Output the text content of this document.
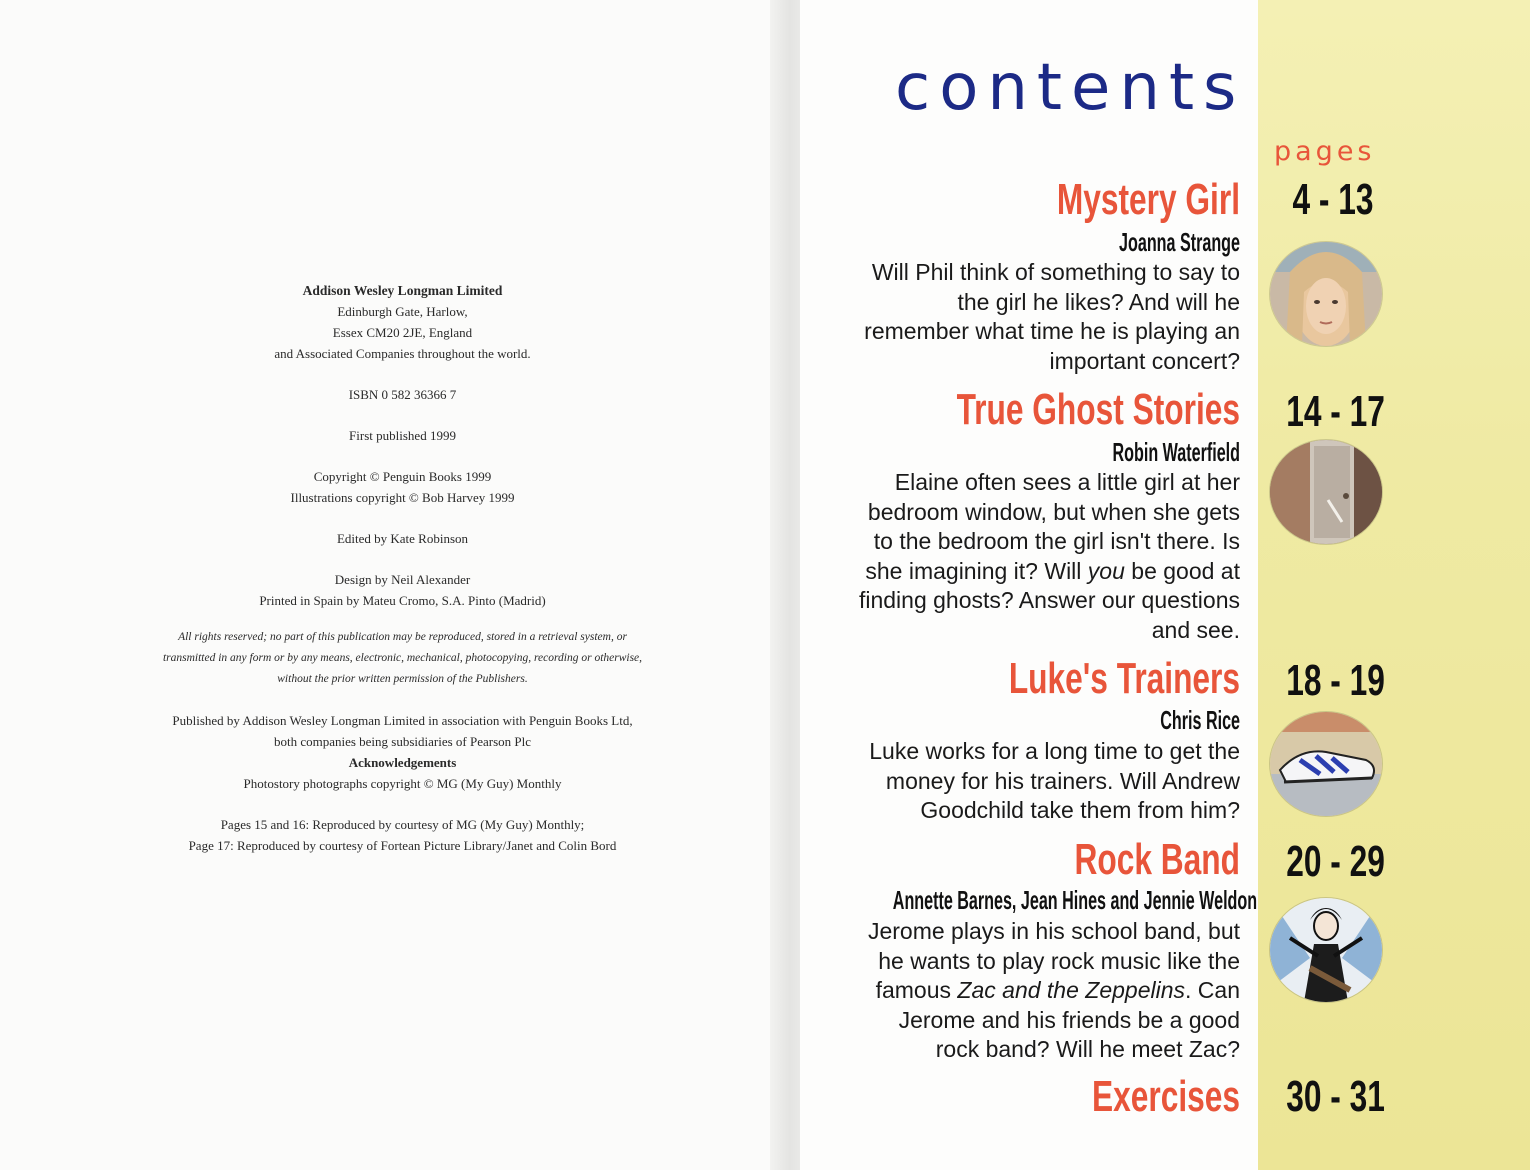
Addison Wesley Longman Limited

Edinburgh Gate, Harlow,

Essex CM20 2JE, England

and Associated Companies throughout the world.

ISBN 0 582 36366 7

First published 1999

Copyright © Penguin Books 1999

Illustrations copyright © Bob Harvey 1999

Edited by Kate Robinson

Design by Neil Alexander

Printed in Spain by Mateu Cromo, S.A. Pinto (Madrid)

All rights reserved; no part of this publication may be reproduced, stored in a retrieval system, or

transmitted in any form or by any means, electronic, mechanical, photocopying, recording or otherwise,

without the prior written permission of the Publishers.

Published by Addison Wesley Longman Limited in association with Penguin Books Ltd,

both companies being subsidiaries of Pearson Plc

Acknowledgements

Photostory photographs copyright © MG (My Guy) Monthly

Pages 15 and 16: Reproduced by courtesy of MG (My Guy) Monthly;

Page 17: Reproduced by courtesy of Fortean Picture Library/Janet and Colin Bord

contents
pages
Mystery Girl
Joanna Strange
Will Phil think of something to say to
the girl he likes? And will he
remember what time he is playing an
important concert?
4 - 13
True Ghost Stories
Robin Waterfield
Elaine often sees a little girl at her
bedroom window, but when she gets
to the bedroom the girl isn't there. Is
she imagining it? Will you be good at
finding ghosts? Answer our questions
and see.
14 - 17
Luke's Trainers
Chris Rice
Luke works for a long time to get the
money for his trainers. Will Andrew
Goodchild take them from him?
18 - 19
Rock Band
Annette Barnes, Jean Hines and Jennie Weldon
Jerome plays in his school band, but
he wants to play rock music like the
famous Zac and the Zeppelins. Can
Jerome and his friends be a good
rock band? Will he meet Zac?
20 - 29
Exercises 30 - 31
